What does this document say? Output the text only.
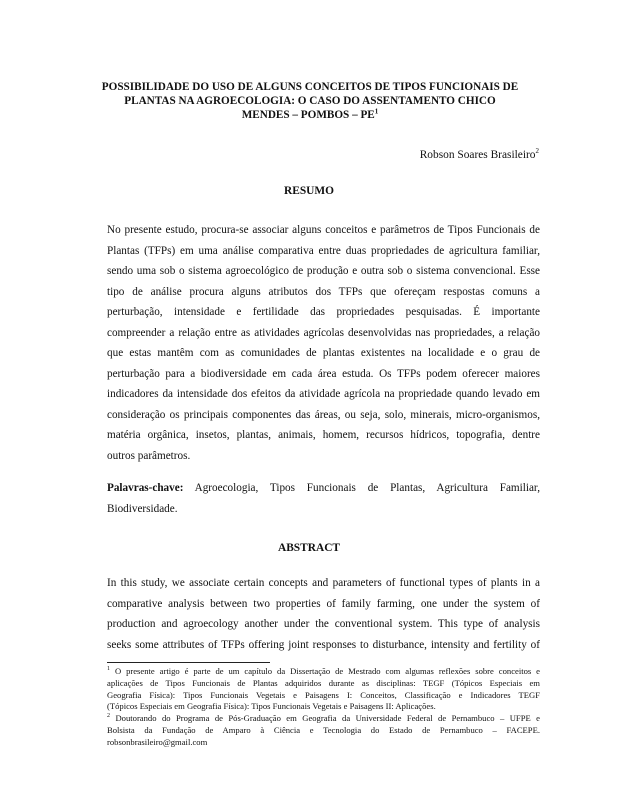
POSSIBILIDADE DO USO DE ALGUNS CONCEITOS DE TIPOS FUNCIONAIS DE
PLANTAS NA AGROECOLOGIA: O CASO DO ASSENTAMENTO CHICO
MENDES – POMBOS – $PE^1$
Robson Soares Brasileiro$^2$
RESUMO
No presente estudo, procura-se associar alguns conceitos e parâmetros de Tipos Funcionais de
Plantas (TFPs) em uma análise comparativa entre duas propriedades de agricultura familiar,
sendo uma sob o sistema agroecológico de produção e outra sob o sistema convencional. Esse
tipo de análise procura alguns atributos dos TFPs que ofereçam respostas comuns a
perturbação, intensidade e fertilidade das propriedades pesquisadas. É importante
compreender a relação entre as atividades agrícolas desenvolvidas nas propriedades, a relação
que estas mantêm com as comunidades de plantas existentes na localidade e o grau de
perturbação para a biodiversidade em cada área estuda. Os TFPs podem oferecer maiores
indicadores da intensidade dos efeitos da atividade agrícola na propriedade quando levado em
consideração os principais componentes das áreas, ou seja, solo, minerais, micro-organismos,
matéria orgânica, insetos, plantas, animais, homem, recursos hídricos, topografia, dentre
outros parâmetros.
Palavras-chave: Agroecologia, Tipos Funcionais de Plantas, Agricultura Familiar,
Biodiversidade.
ABSTRACT
In this study, we associate certain concepts and parameters of functional types of plants in a
comparative analysis between two properties of family farming, one under the system of
production and agroecology another under the conventional system. This type of analysis
seeks some attributes of TFPs offering joint responses to disturbance, intensity and fertility of
$^1$ O presente artigo é parte de um capítulo da Dissertação de Mestrado com algumas reflexões sobre conceitos e
aplicações de Tipos Funcionais de Plantas adquiridos durante as disciplinas: TEGF (Tópicos Especiais em
Geografia Física): Tipos Funcionais Vegetais e Paisagens I: Conceitos, Classificação e Indicadores TEGF
(Tópicos Especiais em Geografia Física): Tipos Funcionais Vegetais e Paisagens II: Aplicações.
$^2$ Doutorando do Programa de Pós-Graduação em Geografia da Universidade Federal de Pernambuco – UFPE e
Bolsista da Fundação de Amparo à Ciência e Tecnologia do Estado de Pernambuco – FACEPE.
robsonbrasileiro@gmail.com
